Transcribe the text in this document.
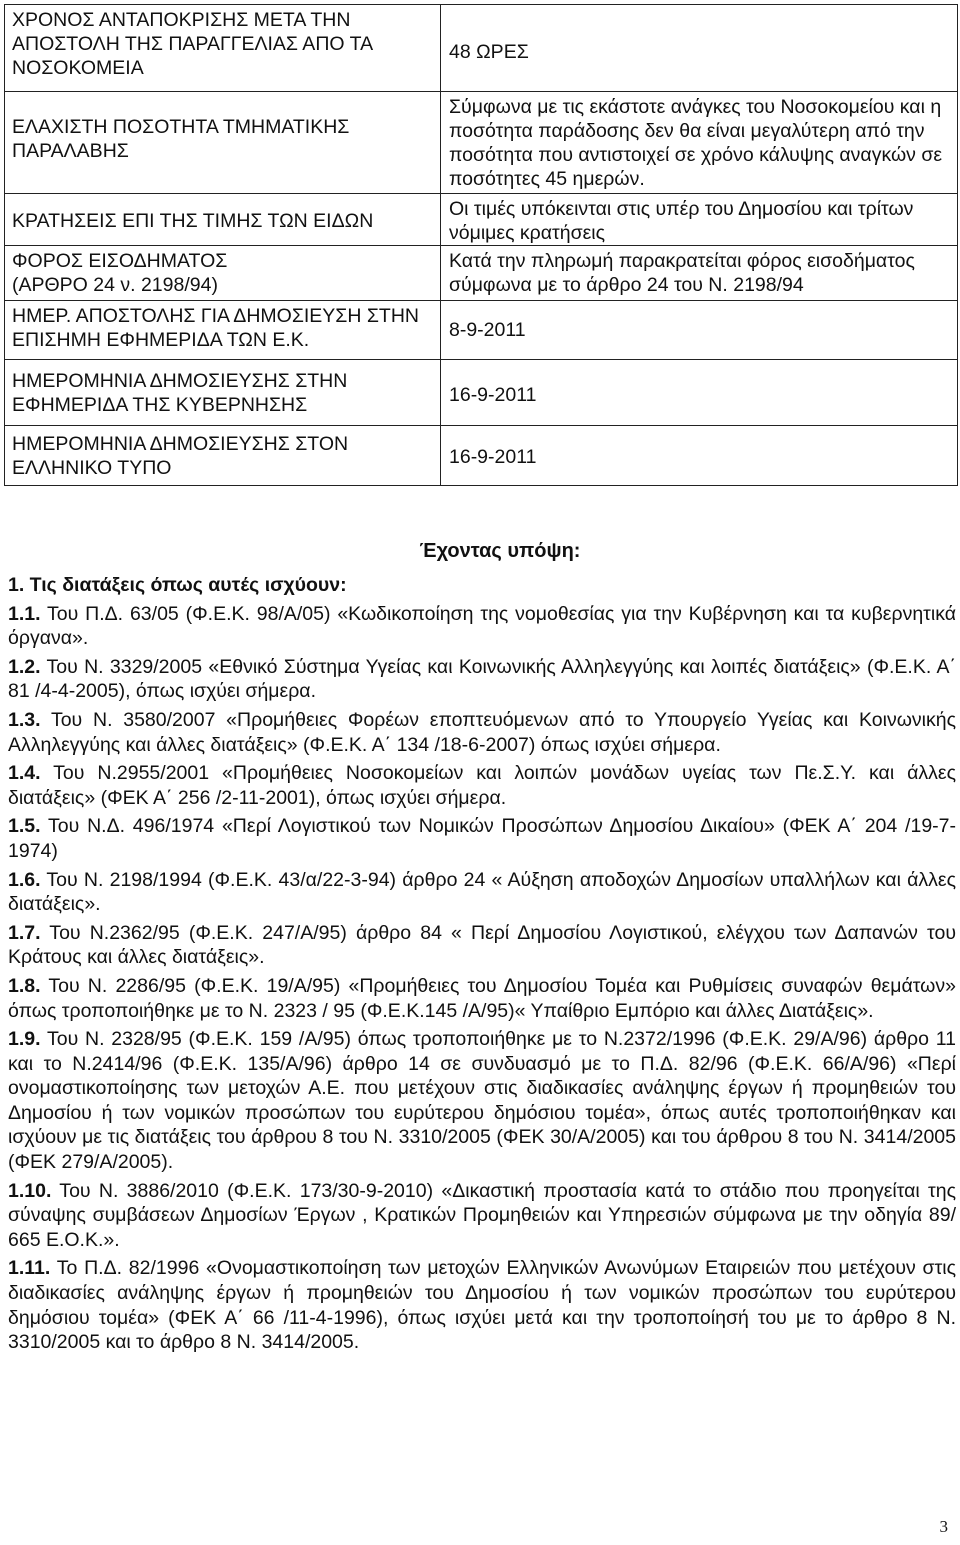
ΧΡΟΝΟΣ ΑΝΤΑΠΟΚΡΙΣΗΣ ΜΕΤΑ ΤΗΝ
ΑΠΟΣΤΟΛΗ ΤΗΣ ΠΑΡΑΓΓΕΛΙΑΣ ΑΠΟ ΤΑ
ΝΟΣΟΚΟΜΕΙΑ	48 ΩΡΕΣ

ΕΛΑΧΙΣΤΗ ΠΟΣΟΤΗΤΑ ΤΜΗΜΑΤΙΚΗΣ
ΠΑΡΑΛΑΒΗΣ	Σύμφωνα με τις εκάστοτε ανάγκες του Νοσοκομείου και η
ποσότητα παράδοσης δεν θα είναι μεγαλύτερη από την
ποσότητα που αντιστοιχεί σε χρόνο κάλυψης αναγκών σε
ποσότητες 45 ημερών.

ΚΡΑΤΗΣΕΙΣ ΕΠΙ ΤΗΣ ΤΙΜΗΣ ΤΩΝ ΕΙΔΩΝ	Οι τιμές υπόκεινται στις υπέρ του Δημοσίου και τρίτων
νόμιμες κρατήσεις

ΦΟΡΟΣ ΕΙΣΟΔΗΜΑΤΟΣ
(ΑΡΘΡΟ 24 ν. 2198/94)	Κατά την πληρωμή παρακρατείται φόρος εισοδήματος
σύμφωνα με το άρθρο 24 του Ν. 2198/94

ΗΜΕΡ. ΑΠΟΣΤΟΛΗΣ ΓΙΑ ΔΗΜΟΣΙΕΥΣΗ ΣΤΗΝ
ΕΠΙΣΗΜΗ ΕΦΗΜΕΡΙΔΑ ΤΩΝ Ε.Κ.	8-9-2011

ΗΜΕΡΟΜΗΝΙΑ ΔΗΜΟΣΙΕΥΣΗΣ ΣΤΗΝ
ΕΦΗΜΕΡΙΔΑ ΤΗΣ ΚΥΒΕΡΝΗΣΗΣ	16-9-2011

ΗΜΕΡΟΜΗΝΙΑ ΔΗΜΟΣΙΕΥΣΗΣ ΣΤΟΝ
ΕΛΛΗΝΙΚΟ ΤΥΠΟ	16-9-2011
Έχοντας υπόψη:
1. Τις διατάξεις όπως αυτές ισχύουν:

1.1. Του Π.Δ. 63/05 (Φ.Ε.Κ. 98/Α/05) «Κωδικοποίηση της νομοθεσίας για την Κυβέρνηση και τα κυβερνητικά όργανα».

1.2. Του Ν. 3329/2005 «Εθνικό Σύστημα Υγείας και Κοινωνικής Αλληλεγγύης και λοιπές διατάξεις» (Φ.Ε.Κ. Α΄ 81 /4-4-2005), όπως ισχύει σήμερα.

1.3. Του Ν. 3580/2007 «Προμήθειες Φορέων εποπτευόμενων από το Υπουργείο Υγείας και Κοινωνικής Αλληλεγγύης και άλλες διατάξεις» (Φ.Ε.Κ. Α΄ 134 /18-6-2007) όπως ισχύει σήμερα.

1.4. Του Ν.2955/2001 «Προμήθειες Νοσοκομείων και λοιπών μονάδων υγείας των Πε.Σ.Υ. και άλλες διατάξεις» (ΦΕΚ Α΄ 256 /2-11-2001), όπως ισχύει σήμερα.

1.5. Του Ν.Δ. 496/1974 «Περί Λογιστικού των Νομικών Προσώπων Δημοσίου Δικαίου» (ΦΕΚ Α΄ 204 /19-7-1974)

1.6. Του Ν. 2198/1994 (Φ.Ε.Κ. 43/α/22-3-94) άρθρο 24 « Αύξηση αποδοχών Δημοσίων υπαλλήλων και άλλες διατάξεις».

1.7. Του Ν.2362/95 (Φ.Ε.Κ. 247/Α/95) άρθρο 84 « Περί Δημοσίου Λογιστικού, ελέγχου των Δαπανών του Κράτους και άλλες διατάξεις».

1.8. Του Ν. 2286/95 (Φ.Ε.Κ. 19/Α/95) «Προμήθειες του Δημοσίου Τομέα και Ρυθμίσεις συναφών θεμάτων» όπως τροποποιήθηκε με το Ν. 2323 / 95 (Φ.Ε.Κ.145 /Α/95)« Υπαίθριο Εμπόριο και άλλες Διατάξεις».

1.9. Του Ν. 2328/95 (Φ.Ε.Κ. 159 /Α/95) όπως τροποποιήθηκε με το Ν.2372/1996 (Φ.Ε.Κ. 29/Α/96) άρθρο 11 και το Ν.2414/96 (Φ.Ε.Κ. 135/Α/96) άρθρο 14 σε συνδυασμό με το Π.Δ. 82/96 (Φ.Ε.Κ. 66/Α/96) «Περί ονομαστικοποίησης των μετοχών Α.Ε. που μετέχουν στις διαδικασίες ανάληψης έργων ή προμηθειών του Δημοσίου ή των νομικών προσώπων του ευρύτερου δημόσιου τομέα», όπως αυτές τροποποιήθηκαν και ισχύουν με τις διατάξεις του άρθρου 8 του Ν. 3310/2005 (ΦΕΚ 30/Α/2005) και του άρθρου 8 του Ν. 3414/2005 (ΦΕΚ 279/Α/2005).

1.10. Του Ν. 3886/2010 (Φ.Ε.Κ. 173/30-9-2010) «Δικαστική προστασία κατά το στάδιο που προηγείται της σύναψης συμβάσεων Δημοσίων Έργων , Κρατικών Προμηθειών και Υπηρεσιών σύμφωνα με την οδηγία 89/ 665 Ε.Ο.Κ.».

1.11. Το Π.Δ. 82/1996 «Ονομαστικοποίηση των μετοχών Ελληνικών Ανωνύμων Εταιρειών που μετέχουν στις διαδικασίες ανάληψης έργων ή προμηθειών του Δημοσίου ή των νομικών προσώπων του ευρύτερου δημόσιου τομέα» (ΦΕΚ Α΄ 66 /11-4-1996), όπως ισχύει μετά και την τροποποίησή του με το άρθρο 8 Ν. 3310/2005 και το άρθρο 8 Ν. 3414/2005.

3
